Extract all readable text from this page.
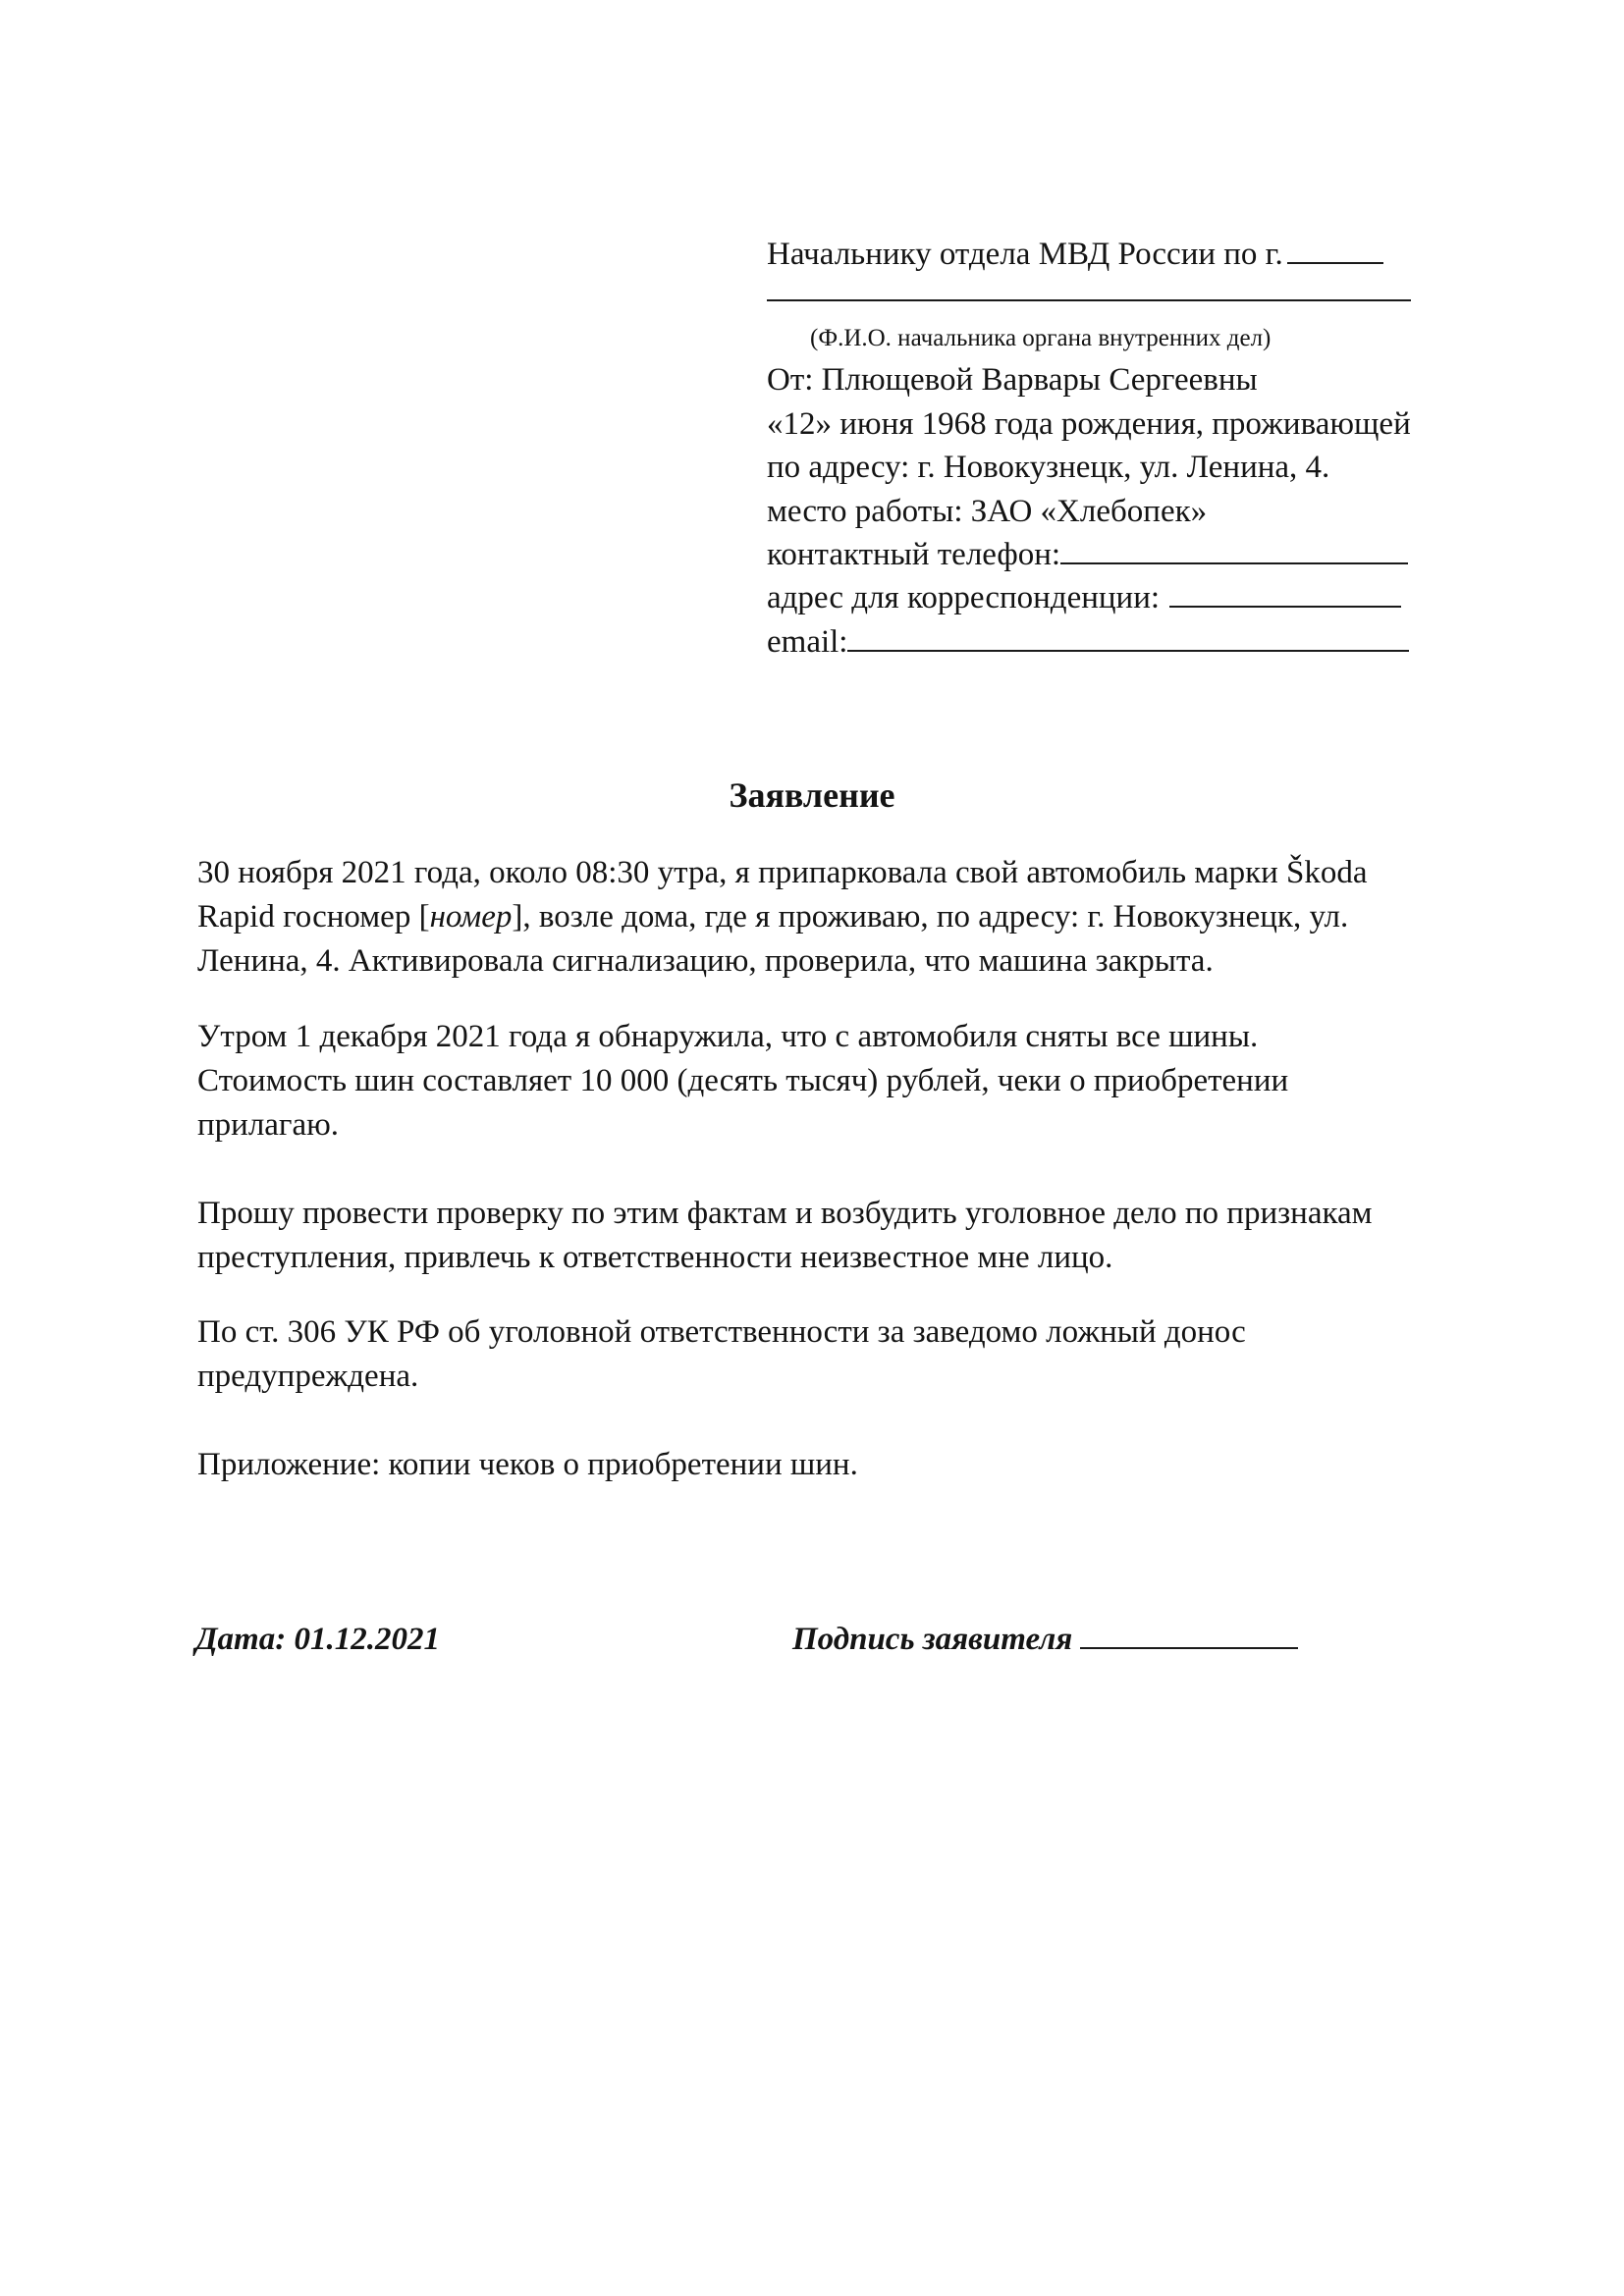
Начальнику отдела МВД России по г.
(Ф.И.О. начальника органа внутренних дел)
От: Плющевой Варвары Сергеевны
«12» июня 1968 года рождения, проживающей
по адресу: г. Новокузнецк, ул. Ленина, 4.
место работы: ЗАО «Хлебопек»
контактный телефон:
адрес для корреспонденции:
email:
Заявление
30 ноября 2021 года, около 08:30 утра, я припарковала свой автомобиль марки Škoda
Rapid госномер [номер], возле дома, где я проживаю, по адресу: г. Новокузнецк, ул.
Ленина, 4. Активировала сигнализацию, проверила, что машина закрыта.
Утром 1 декабря 2021 года я обнаружила, что с автомобиля сняты все шины.
Стоимость шин составляет 10 000 (десять тысяч) рублей, чеки о приобретении
прилагаю.
Прошу провести проверку по этим фактам и возбудить уголовное дело по признакам
преступления, привлечь к ответственности неизвестное мне лицо.
По ст. 306 УК РФ об уголовной ответственности за заведомо ложный донос
предупреждена.
Приложение: копии чеков о приобретении шин.
Дата: 01.12.2021	Подпись заявителя
